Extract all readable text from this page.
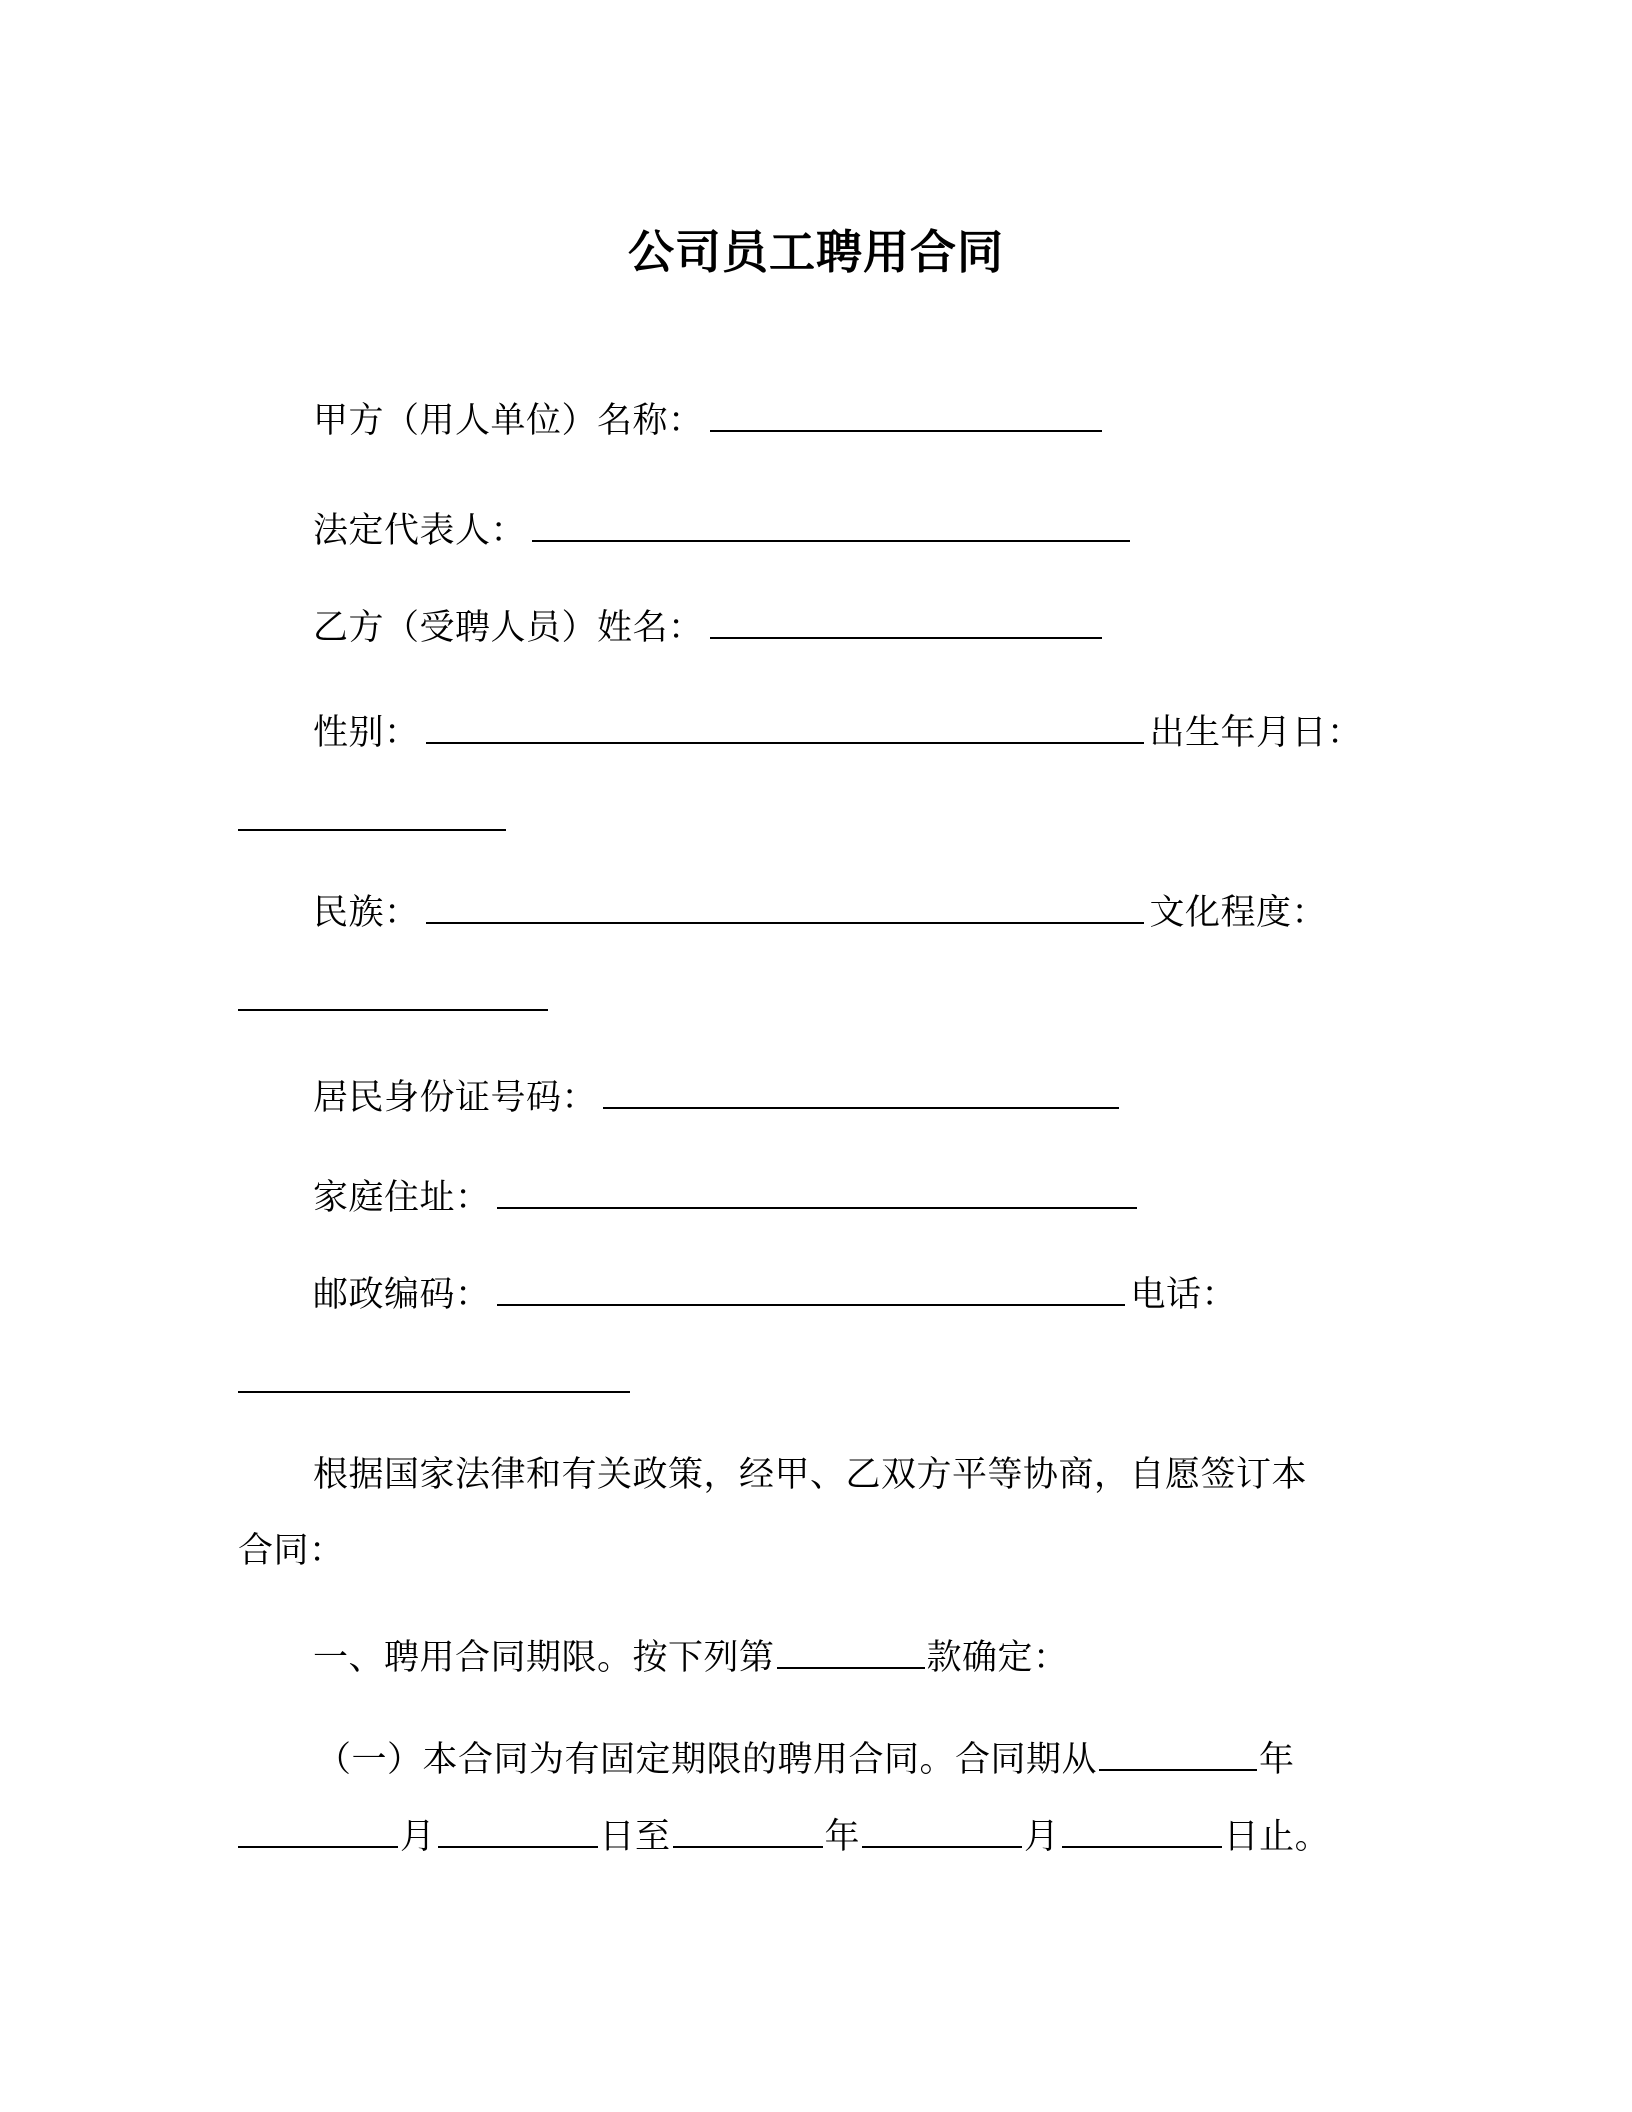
公司员工聘用合同
甲方（用人单位）名称：
法定代表人：
乙方（受聘人员）姓名：
性别：	出生年月日：
民族：	文化程度：
居民身份证号码：
家庭住址：
邮政编码：	电话：
根据国家法律和有关政策，经甲、乙双方平等协商，自愿签订本
合同：
一、聘用合同期限。按下列第	款确定：
（一）本合同为有固定期限的聘用合同。合同期从	年
月	日至	年	月	日止。
